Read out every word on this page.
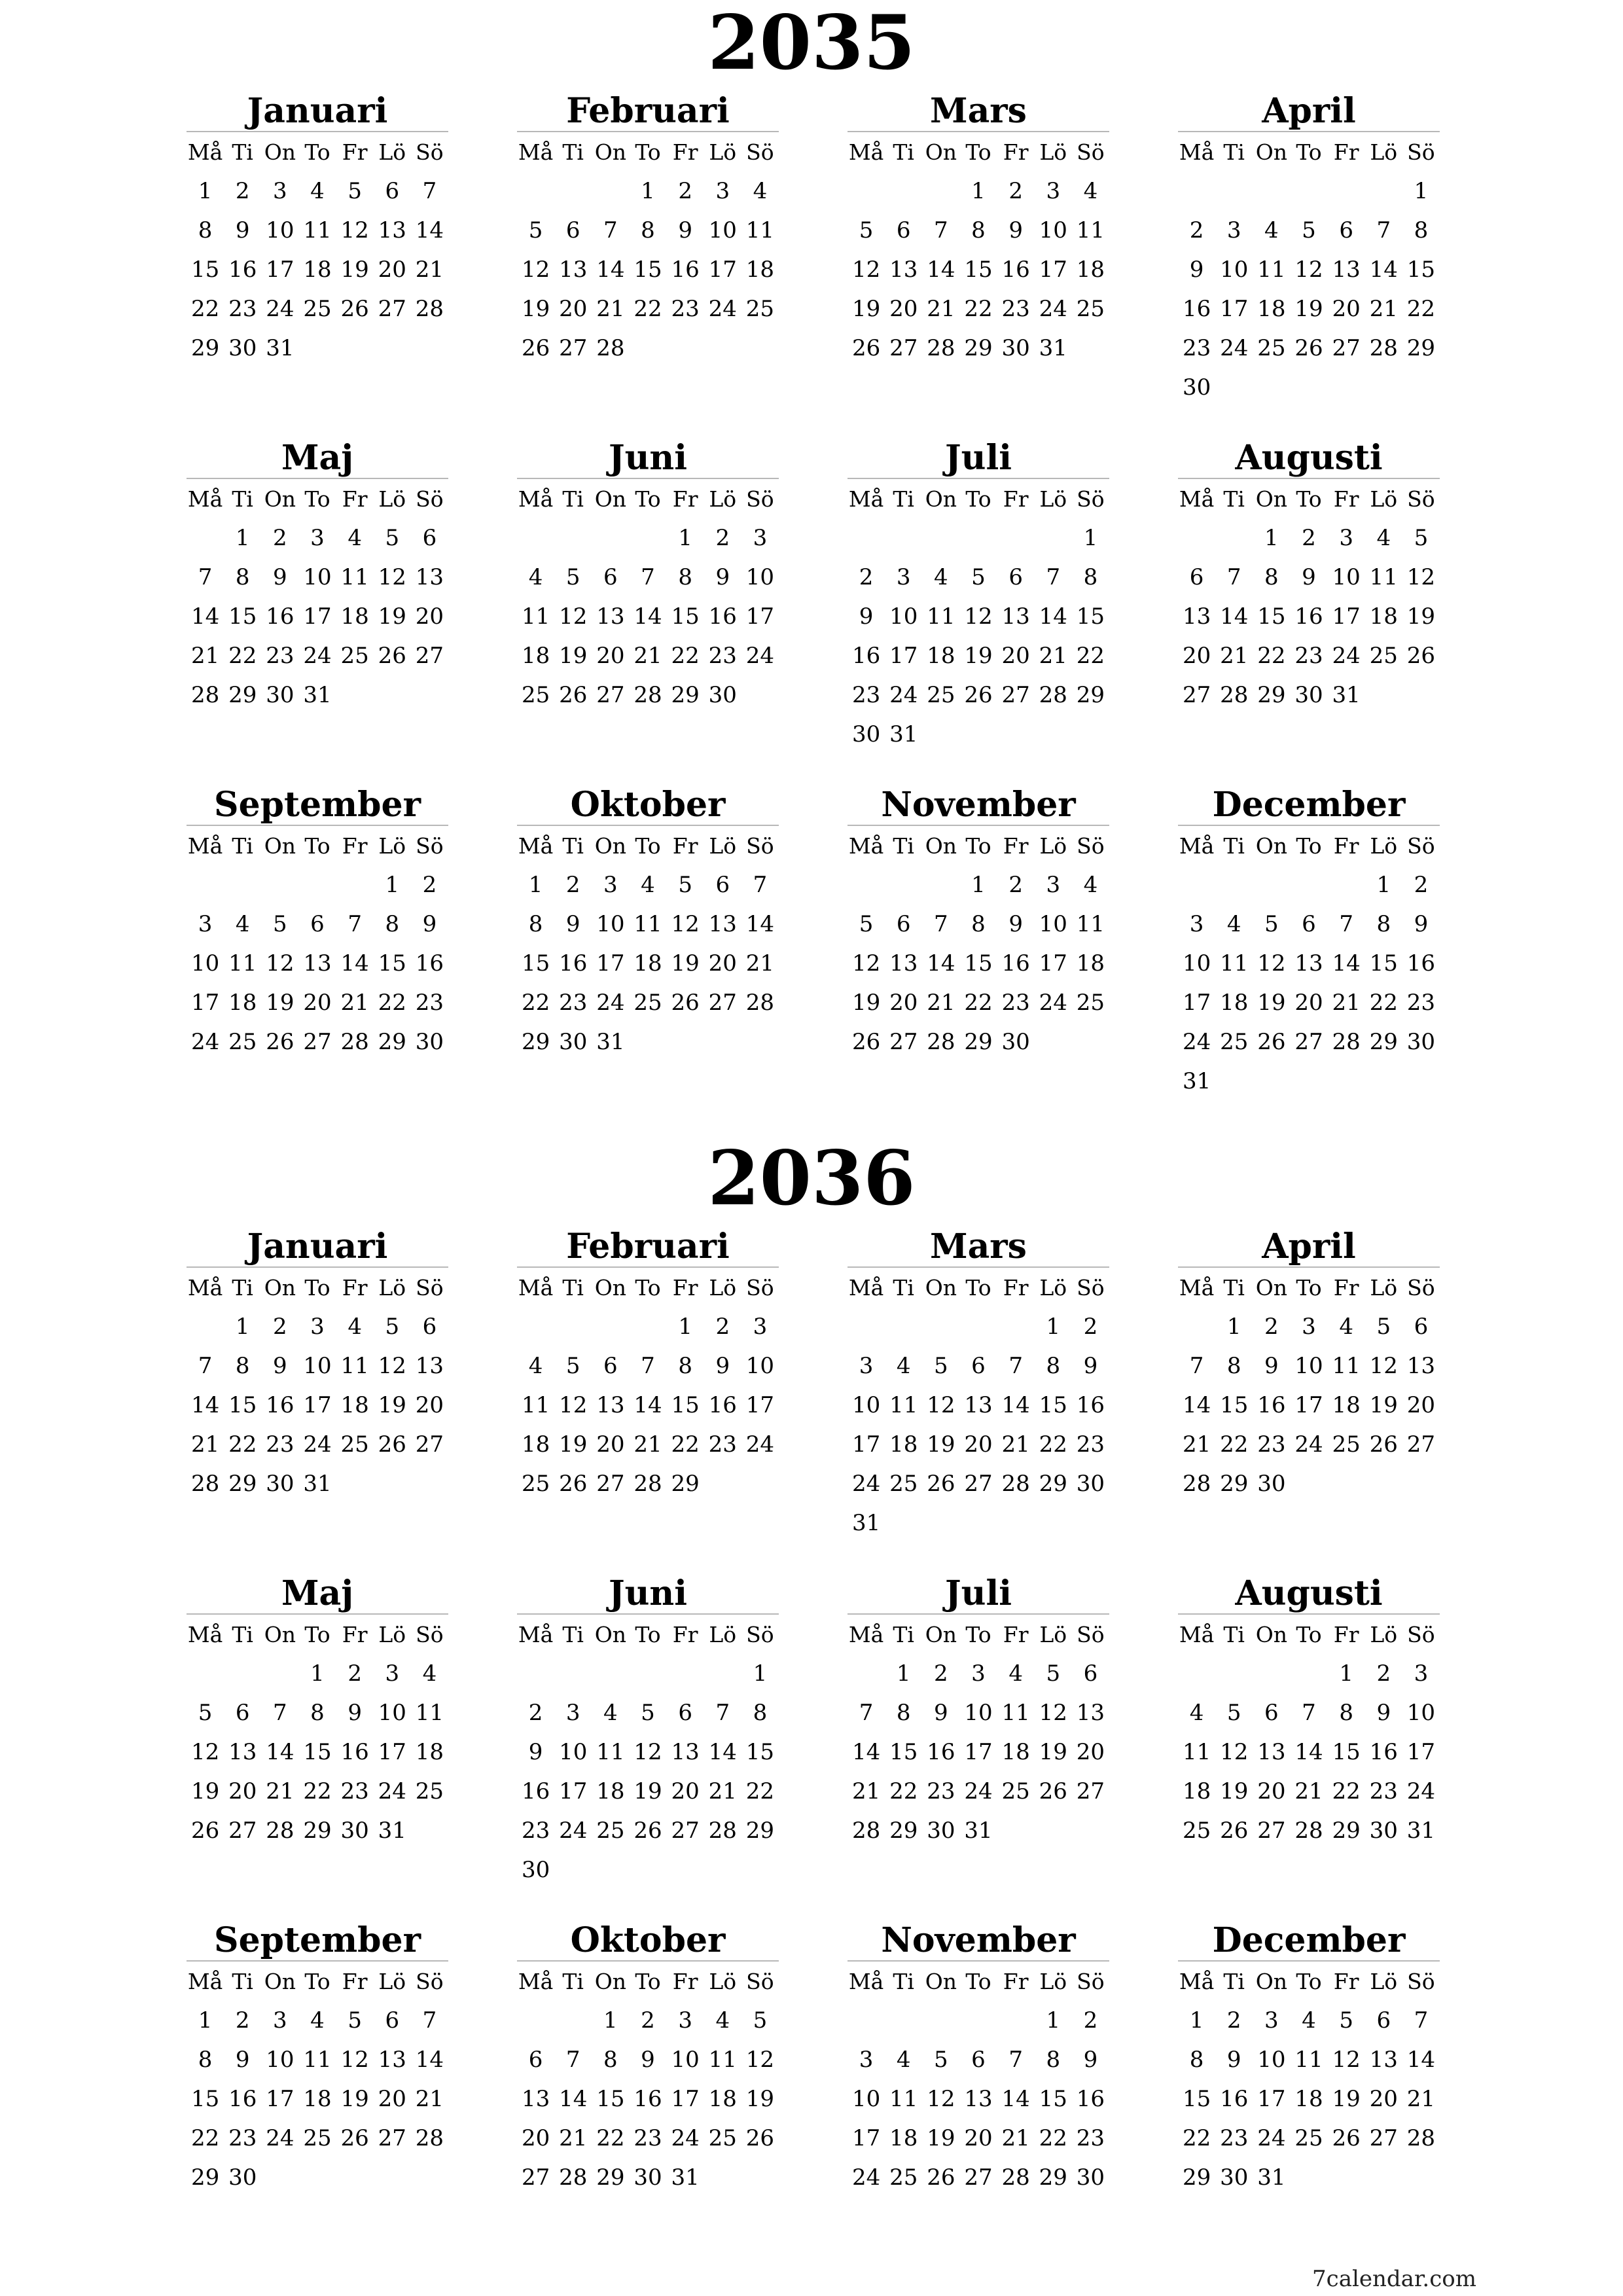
2035
Januari
Må	Ti	On	To	Fr	Lö	Sö
1	2	3	4	5	6	7
8	9	10	11	12	13	14
15	16	17	18	19	20	21
22	23	24	25	26	27	28
29	30	31				
Februari
Må	Ti	On	To	Fr	Lö	Sö
			1	2	3	4
5	6	7	8	9	10	11
12	13	14	15	16	17	18
19	20	21	22	23	24	25
26	27	28				
Mars
Må	Ti	On	To	Fr	Lö	Sö
			1	2	3	4
5	6	7	8	9	10	11
12	13	14	15	16	17	18
19	20	21	22	23	24	25
26	27	28	29	30	31	
April
Må	Ti	On	To	Fr	Lö	Sö
						1
2	3	4	5	6	7	8
9	10	11	12	13	14	15
16	17	18	19	20	21	22
23	24	25	26	27	28	29
30						
Maj
Må	Ti	On	To	Fr	Lö	Sö
	1	2	3	4	5	6
7	8	9	10	11	12	13
14	15	16	17	18	19	20
21	22	23	24	25	26	27
28	29	30	31			
Juni
Må	Ti	On	To	Fr	Lö	Sö
				1	2	3
4	5	6	7	8	9	10
11	12	13	14	15	16	17
18	19	20	21	22	23	24
25	26	27	28	29	30	
Juli
Må	Ti	On	To	Fr	Lö	Sö
						1
2	3	4	5	6	7	8
9	10	11	12	13	14	15
16	17	18	19	20	21	22
23	24	25	26	27	28	29
30	31					
Augusti
Må	Ti	On	To	Fr	Lö	Sö
		1	2	3	4	5
6	7	8	9	10	11	12
13	14	15	16	17	18	19
20	21	22	23	24	25	26
27	28	29	30	31		
September
Må	Ti	On	To	Fr	Lö	Sö
					1	2
3	4	5	6	7	8	9
10	11	12	13	14	15	16
17	18	19	20	21	22	23
24	25	26	27	28	29	30
Oktober
Må	Ti	On	To	Fr	Lö	Sö
1	2	3	4	5	6	7
8	9	10	11	12	13	14
15	16	17	18	19	20	21
22	23	24	25	26	27	28
29	30	31				
November
Må	Ti	On	To	Fr	Lö	Sö
			1	2	3	4
5	6	7	8	9	10	11
12	13	14	15	16	17	18
19	20	21	22	23	24	25
26	27	28	29	30		
December
Må	Ti	On	To	Fr	Lö	Sö
					1	2
3	4	5	6	7	8	9
10	11	12	13	14	15	16
17	18	19	20	21	22	23
24	25	26	27	28	29	30
31						
2036
Januari
Må	Ti	On	To	Fr	Lö	Sö
	1	2	3	4	5	6
7	8	9	10	11	12	13
14	15	16	17	18	19	20
21	22	23	24	25	26	27
28	29	30	31			
Februari
Må	Ti	On	To	Fr	Lö	Sö
				1	2	3
4	5	6	7	8	9	10
11	12	13	14	15	16	17
18	19	20	21	22	23	24
25	26	27	28	29		
Mars
Må	Ti	On	To	Fr	Lö	Sö
					1	2
3	4	5	6	7	8	9
10	11	12	13	14	15	16
17	18	19	20	21	22	23
24	25	26	27	28	29	30
31						
April
Må	Ti	On	To	Fr	Lö	Sö
	1	2	3	4	5	6
7	8	9	10	11	12	13
14	15	16	17	18	19	20
21	22	23	24	25	26	27
28	29	30				
Maj
Må	Ti	On	To	Fr	Lö	Sö
			1	2	3	4
5	6	7	8	9	10	11
12	13	14	15	16	17	18
19	20	21	22	23	24	25
26	27	28	29	30	31	
Juni
Må	Ti	On	To	Fr	Lö	Sö
						1
2	3	4	5	6	7	8
9	10	11	12	13	14	15
16	17	18	19	20	21	22
23	24	25	26	27	28	29
30						
Juli
Må	Ti	On	To	Fr	Lö	Sö
	1	2	3	4	5	6
7	8	9	10	11	12	13
14	15	16	17	18	19	20
21	22	23	24	25	26	27
28	29	30	31			
Augusti
Må	Ti	On	To	Fr	Lö	Sö
				1	2	3
4	5	6	7	8	9	10
11	12	13	14	15	16	17
18	19	20	21	22	23	24
25	26	27	28	29	30	31
September
Må	Ti	On	To	Fr	Lö	Sö
1	2	3	4	5	6	7
8	9	10	11	12	13	14
15	16	17	18	19	20	21
22	23	24	25	26	27	28
29	30					
Oktober
Må	Ti	On	To	Fr	Lö	Sö
		1	2	3	4	5
6	7	8	9	10	11	12
13	14	15	16	17	18	19
20	21	22	23	24	25	26
27	28	29	30	31		
November
Må	Ti	On	To	Fr	Lö	Sö
					1	2
3	4	5	6	7	8	9
10	11	12	13	14	15	16
17	18	19	20	21	22	23
24	25	26	27	28	29	30
December
Må	Ti	On	To	Fr	Lö	Sö
1	2	3	4	5	6	7
8	9	10	11	12	13	14
15	16	17	18	19	20	21
22	23	24	25	26	27	28
29	30	31				
7calendar.com
